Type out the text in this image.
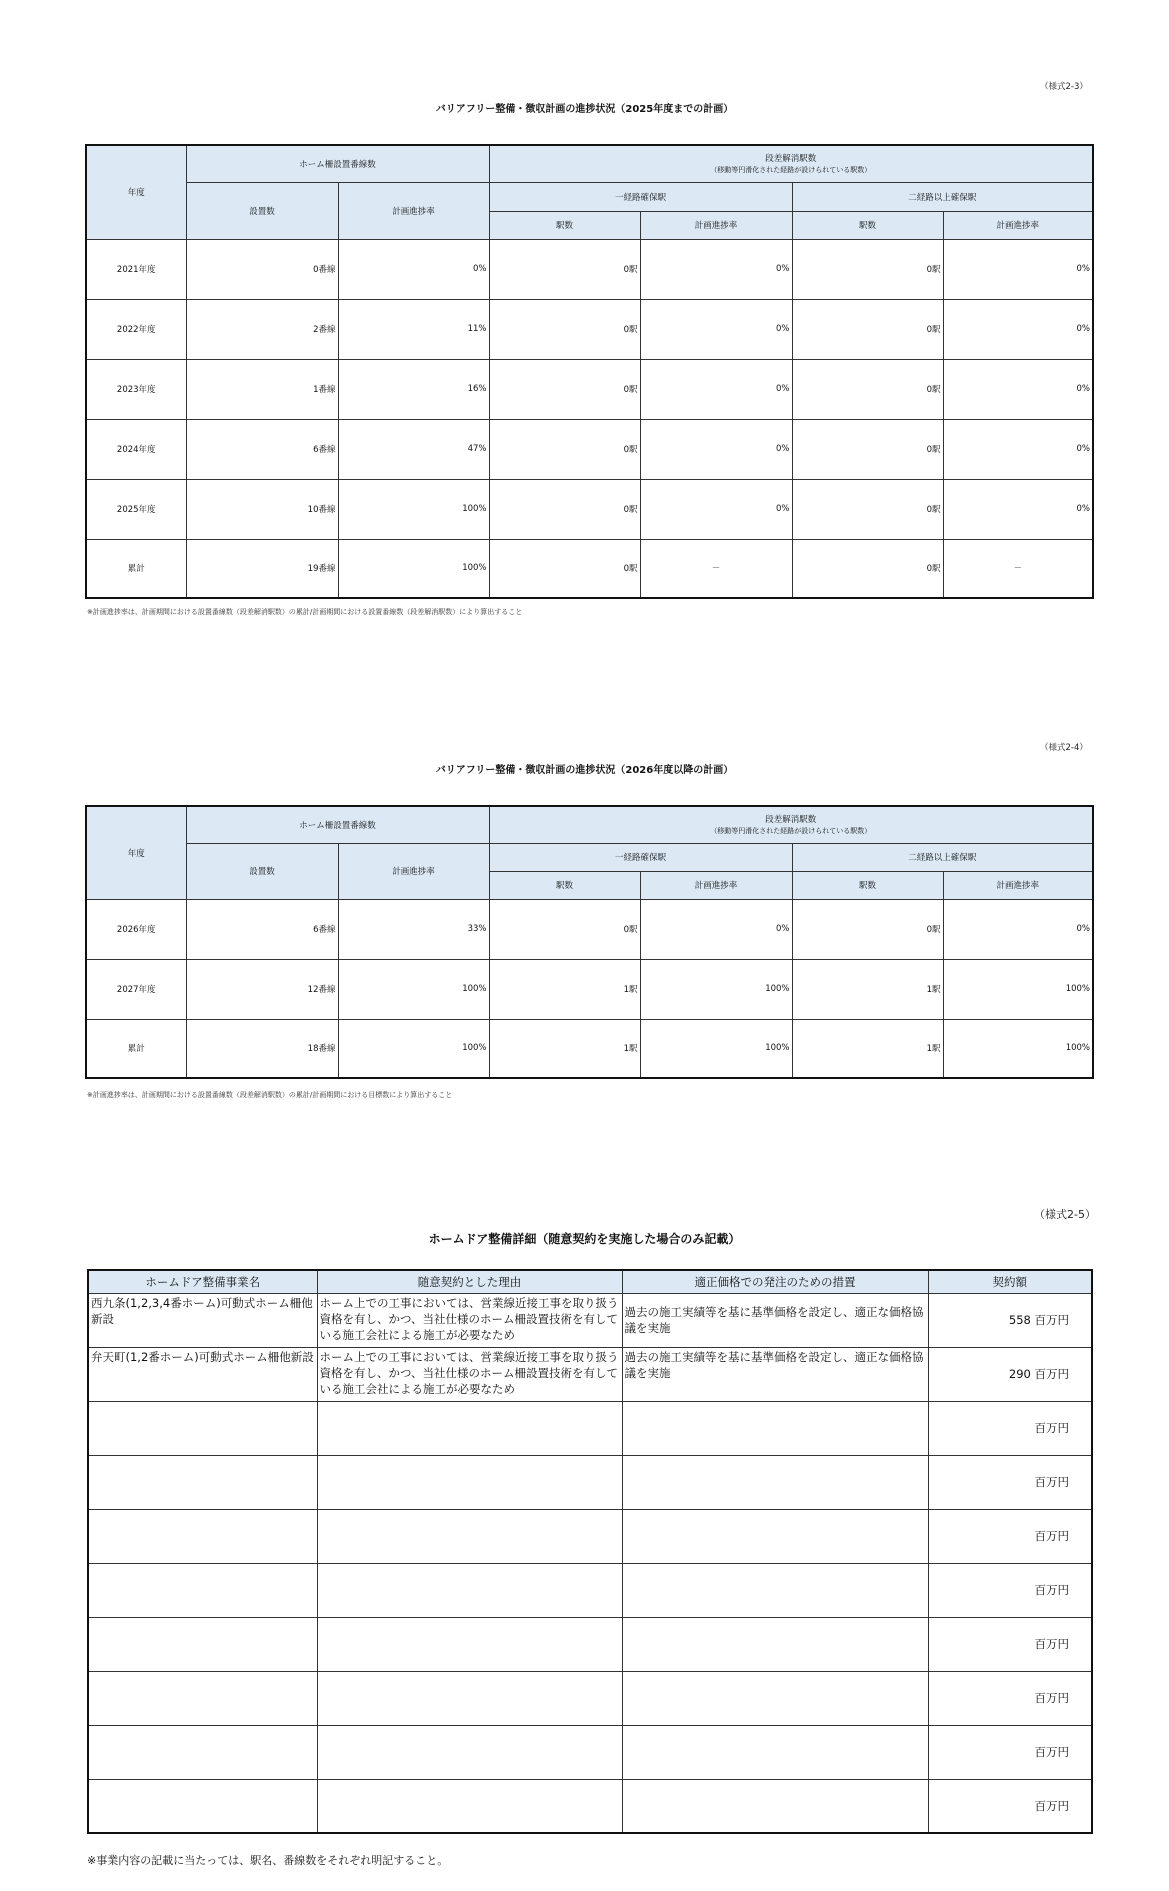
（様式2-3）
バリアフリー整備・徴収計画の進捗状況（2025年度までの計画）
年度	ホーム柵設置番線数		段差解消駅数
（移動等円滑化された経路が設けられている駅数）			

	設置数	計画進捗率	一経路確保駅		二経路以上確保駅	
			駅数	計画進捗率	駅数	計画進捗率
2021年度	0番線	0%	0駅	0%	0駅	0%
2022年度	2番線	11%	0駅	0%	0駅	0%
2023年度	1番線	16%	0駅	0%	0駅	0%
2024年度	6番線	47%	0駅	0%	0駅	0%
2025年度	10番線	100%	0駅	0%	0駅	0%
累計	19番線	100%	0駅	－	0駅	－
※計画進捗率は、計画期間における設置番線数（段差解消駅数）の累計/計画期間における設置番線数（段差解消駅数）により算出すること
（様式2-4）
バリアフリー整備・徴収計画の進捗状況（2026年度以降の計画）
年度	ホーム柵設置番線数		段差解消駅数
（移動等円滑化された経路が設けられている駅数）			

	設置数	計画進捗率	一経路確保駅		二経路以上確保駅	
			駅数	計画進捗率	駅数	計画進捗率
2026年度	6番線	33%	0駅	0%	0駅	0%
2027年度	12番線	100%	1駅	100%	1駅	100%
累計	18番線	100%	1駅	100%	1駅	100%
※計画進捗率は、計画期間における設置番線数（段差解消駅数）の累計/計画期間における目標数により算出すること
（様式2-5）
ホームドア整備詳細（随意契約を実施した場合のみ記載）
ホームドア整備事業名	随意契約とした理由	適正価格での発注のための措置	契約額
西九条(1,2,3,4番ホーム)可動式ホーム柵他新設	ホーム上での工事においては、営業線近接工事を取り扱う資格を有し、かつ、当社仕様のホーム柵設置技術を有している施工会社による施工が必要なため	過去の施工実績等を基に基準価格を設定し、適正な価格協議を実施	558 百万円
弁天町(1,2番ホーム)可動式ホーム柵他新設	ホーム上での工事においては、営業線近接工事を取り扱う資格を有し、かつ、当社仕様のホーム柵設置技術を有している施工会社による施工が必要なため	過去の施工実績等を基に基準価格を設定し、適正な価格協議を実施	290 百万円
			百万円
			百万円
			百万円
			百万円
			百万円
			百万円
			百万円
			百万円
※事業内容の記載に当たっては、駅名、番線数をそれぞれ明記すること。
